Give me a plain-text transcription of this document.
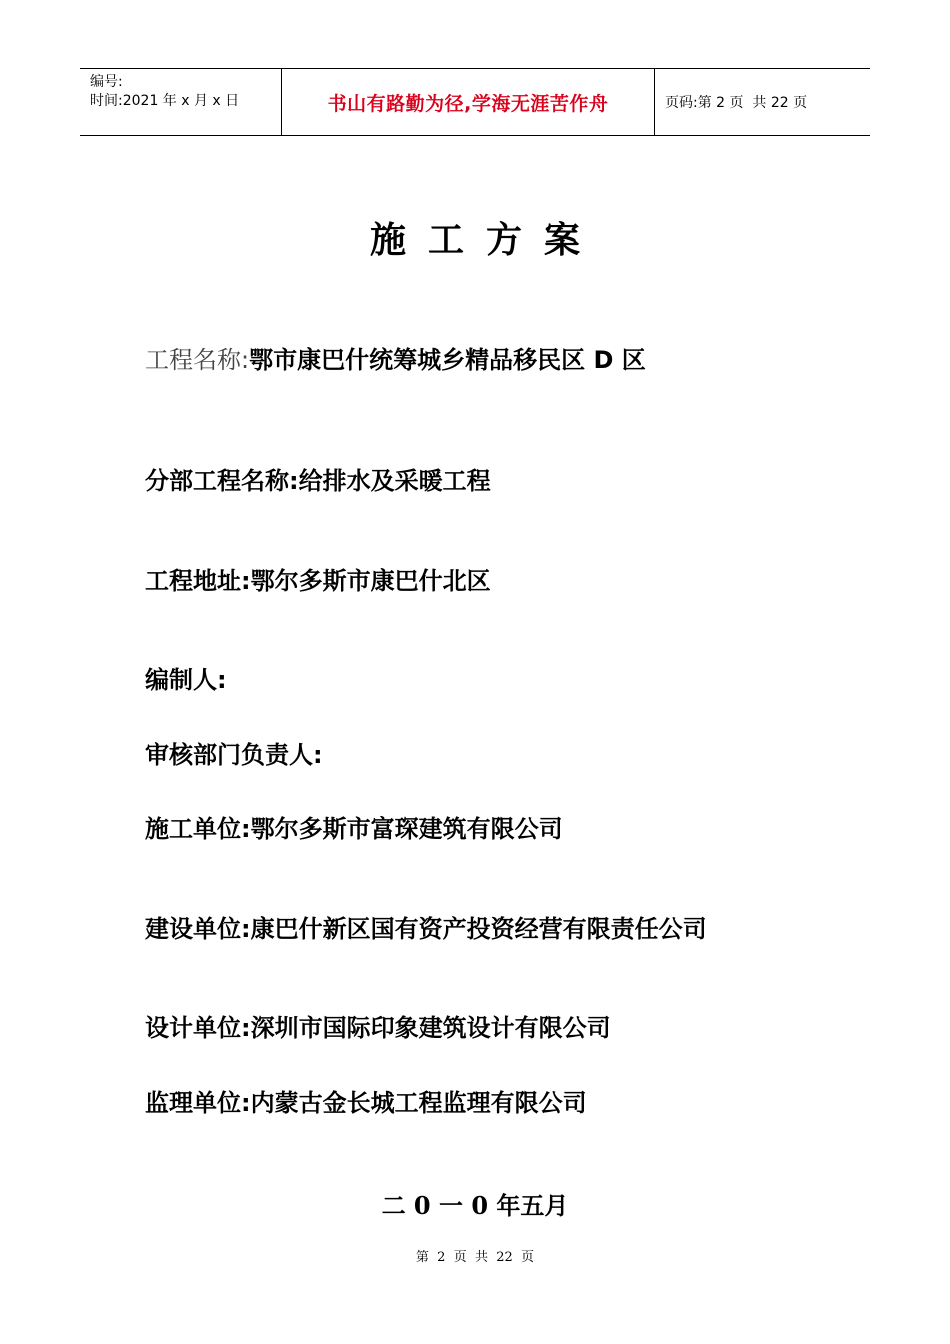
编号:
时间:2021 年 x 月 x 日	书山有路勤为径,学海无涯苦作舟	页码:第 2 页  共 22 页
施工方案
工程名称:鄂市康巴什统筹城乡精品移民区 D 区
分部工程名称:给排水及采暖工程
工程地址:鄂尔多斯市康巴什北区
编制人:
审核部门负责人:
施工单位:鄂尔多斯市富琛建筑有限公司
建设单位:康巴什新区国有资产投资经营有限责任公司
设计单位:深圳市国际印象建筑设计有限公司
监理单位:内蒙古金长城工程监理有限公司
二 0 一 0 年五月
第  2  页  共  22  页
